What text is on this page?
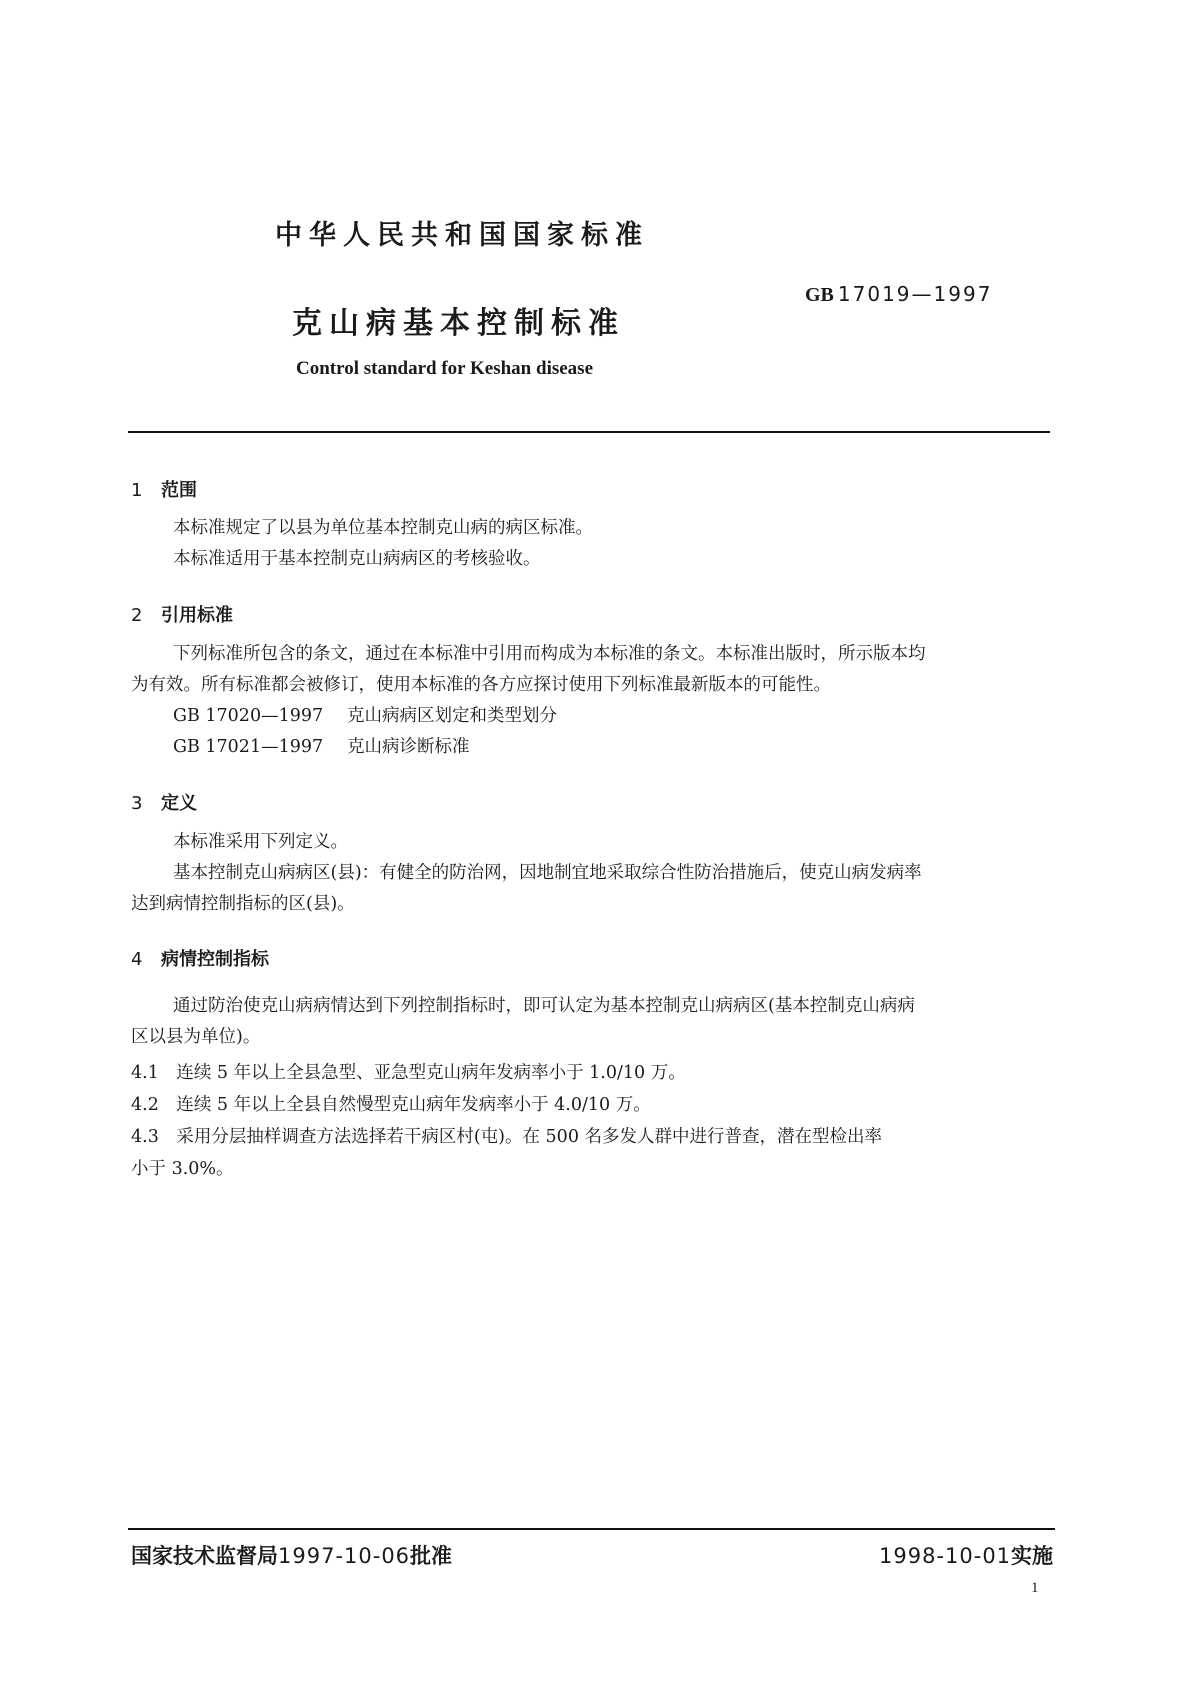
中华人民共和国国家标准
克山病基本控制标准
GB 17019—1997
Control standard for Keshan disease
1 范围
本标准规定了以县为单位基本控制克山病的病区标准。
本标准适用于基本控制克山病病区的考核验收。
2 引用标准
下列标准所包含的条文，通过在本标准中引用而构成为本标准的条文。本标准出版时，所示版本均
为有效。所有标准都会被修订，使用本标准的各方应探讨使用下列标准最新版本的可能性。
GB 17020—1997 克山病病区划定和类型划分
GB 17021—1997 克山病诊断标准
3 定义
本标准采用下列定义。
基本控制克山病病区(县)：有健全的防治网，因地制宜地采取综合性防治措施后，使克山病发病率
达到病情控制指标的区(县)。
4 病情控制指标
通过防治使克山病病情达到下列控制指标时，即可认定为基本控制克山病病区(基本控制克山病病
区以县为单位)。
4.1　连续 5 年以上全县急型、亚急型克山病年发病率小于 1.0/10 万。
4.2　连续 5 年以上全县自然慢型克山病年发病率小于 4.0/10 万。
4.3　采用分层抽样调查方法选择若干病区村(屯)。在 500 名多发人群中进行普查，潜在型检出率
小于 3.0%。
国家技术监督局1997-10-06批准	1998-10-01实施
1
